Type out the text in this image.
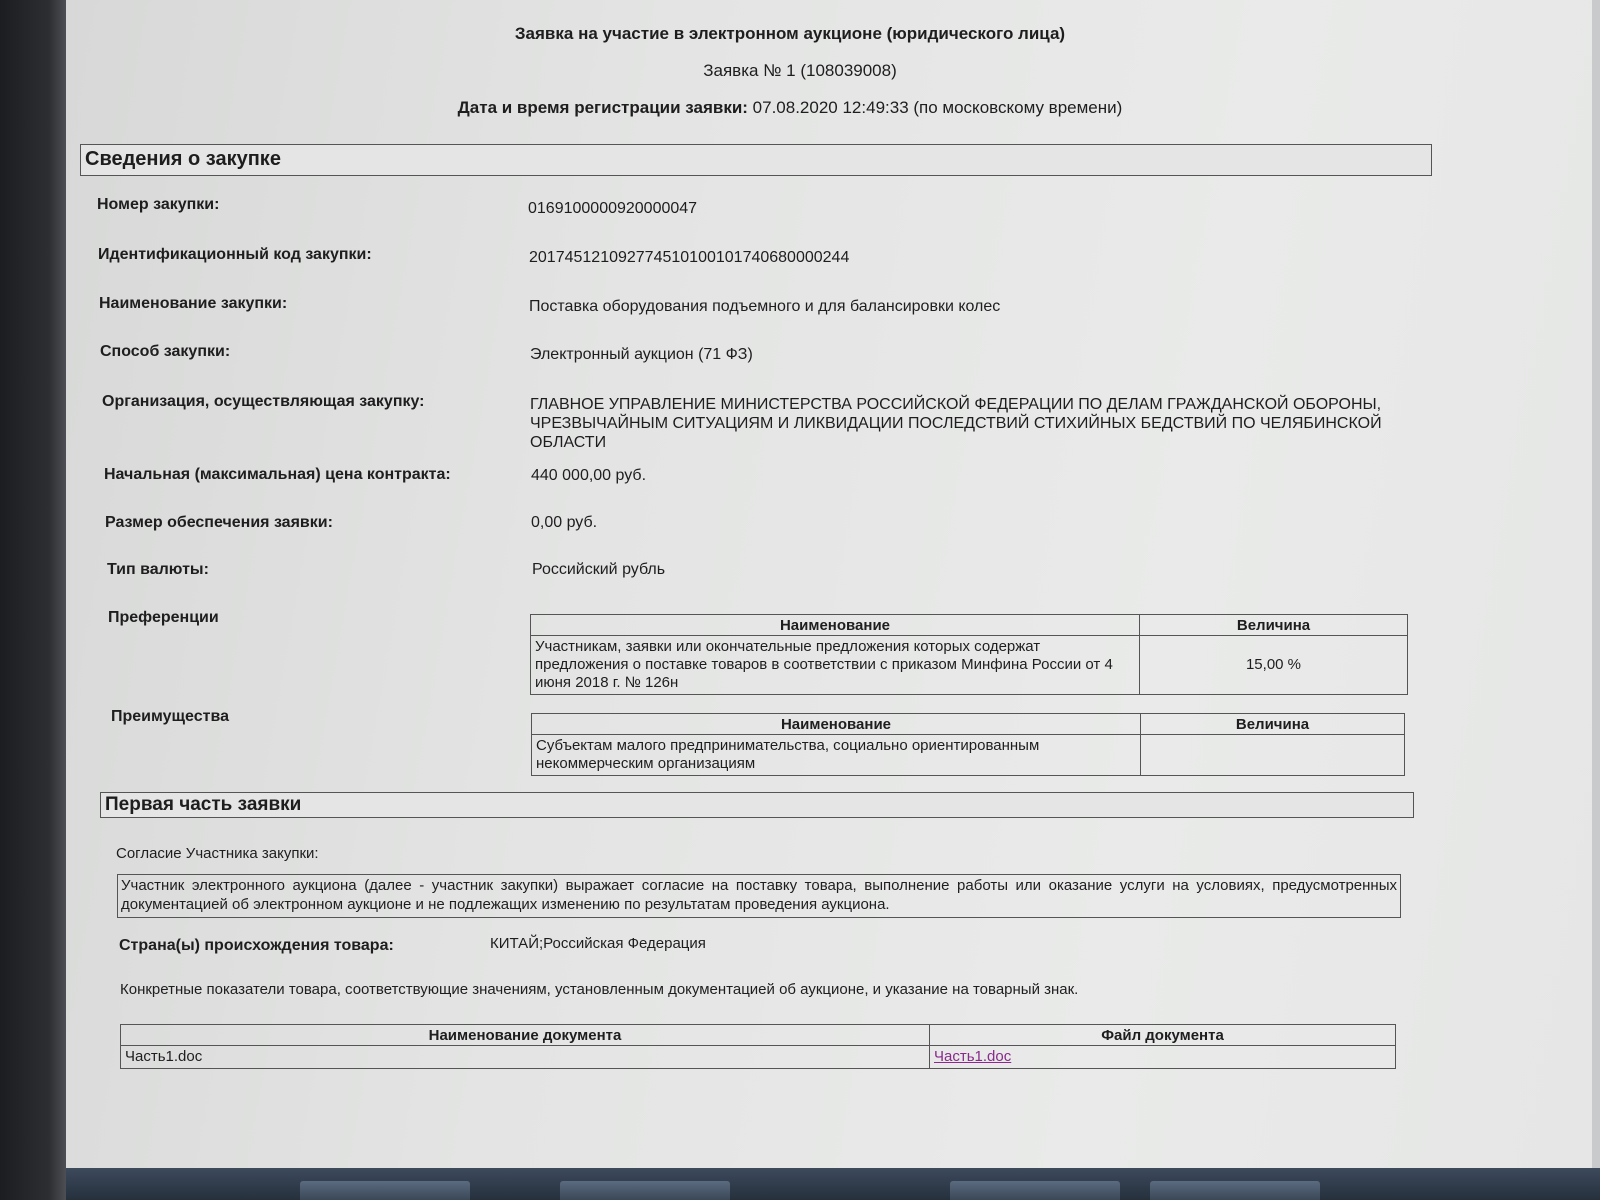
Заявка на участие в электронном аукционе (юридического лица)
Заявка № 1 (108039008)
Дата и время регистрации заявки: 07.08.2020 12:49:33 (по московскому времени)
Сведения о закупке
Номер закупки:	0169100000920000047
Идентификационный код закупки:	201745121092774510100101740680000244
Наименование закупки:	Поставка оборудования подъемного и для балансировки колес
Способ закупки:	Электронный аукцион (71 ФЗ)
Организация, осуществляющая закупку:	ГЛАВНОЕ УПРАВЛЕНИЕ МИНИСТЕРСТВА РОССИЙСКОЙ ФЕДЕРАЦИИ ПО ДЕЛАМ ГРАЖДАНСКОЙ ОБОРОНЫ, ЧРЕЗВЫЧАЙНЫМ СИТУАЦИЯМ И ЛИКВИДАЦИИ ПОСЛЕДСТВИЙ СТИХИЙНЫХ БЕДСТВИЙ ПО ЧЕЛЯБИНСКОЙ ОБЛАСТИ
Начальная (максимальная) цена контракта:	440 000,00 руб.
Размер обеспечения заявки:	0,00 руб.
Тип валюты:	Российский рубль
Преференции	Наименование	Величина
Участникам, заявки или окончательные предложения которых содержат предложения о поставке товаров в соответствии с приказом Минфина России от 4 июня 2018 г. № 126н	15,00 %
Преимущества	Наименование	Величина
Субъектам малого предпринимательства, социально ориентированным некоммерческим организациям	
Первая часть заявки
Согласие Участника закупки:
Участник электронного аукциона (далее - участник закупки) выражает согласие на поставку товара, выполнение работы или оказание услуги на условиях, предусмотренных документацией об электронном аукционе и не подлежащих изменению по результатам проведения аукциона.
Страна(ы) происхождения товара:	КИТАЙ;Российская Федерация
Конкретные показатели товара, соответствующие значениям, установленным документацией об аукционе, и указание на товарный знак.
Наименование документа	Файл документа
Часть1.doc	Часть1.doc
